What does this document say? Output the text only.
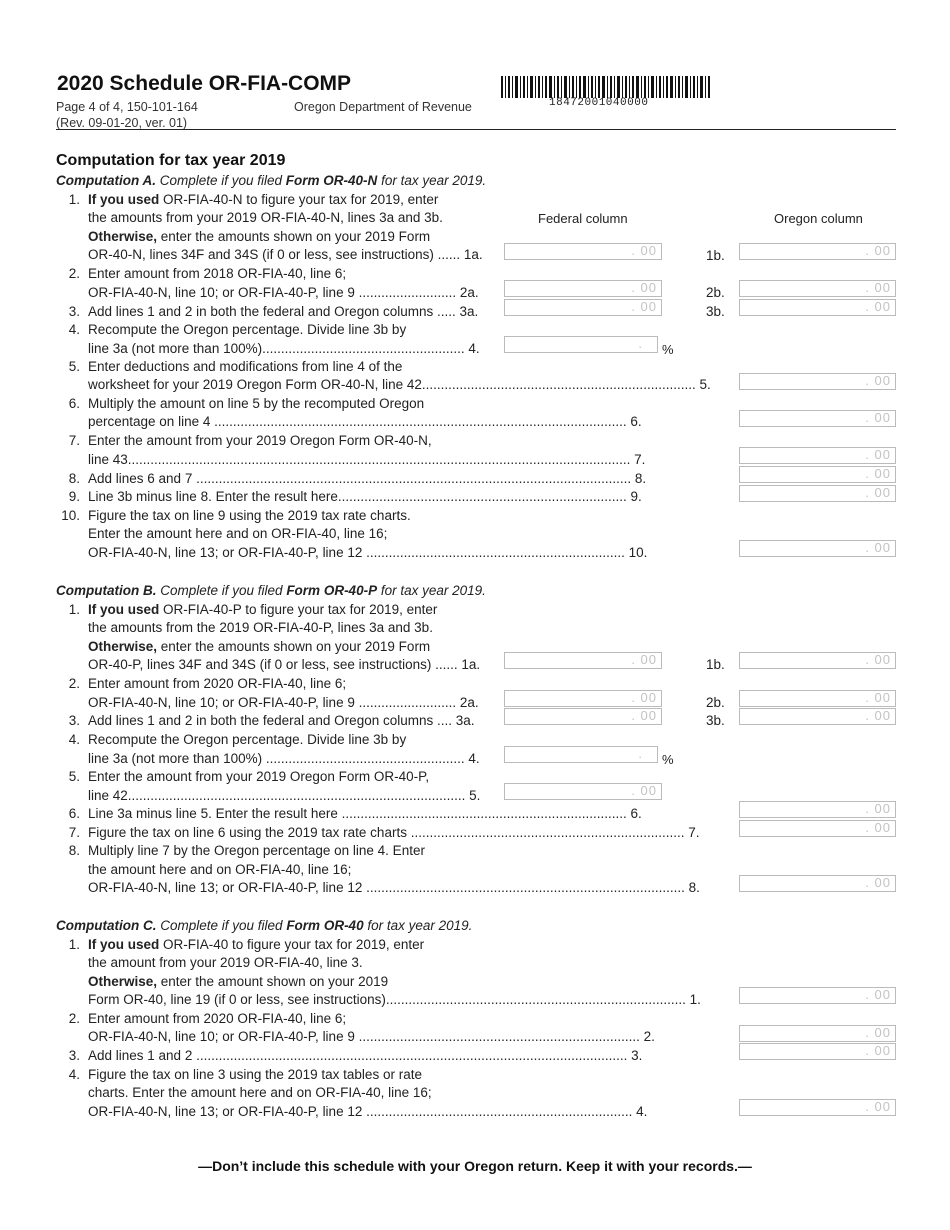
2020 Schedule OR-FIA-COMP
Page 4 of 4, 150-101-164
(Rev. 09-01-20, ver. 01)
Oregon Department of Revenue	18472001040000
Computation for tax year 2019
Computation A. Complete if you filed Form OR-40-N for tax year 2019.
1. If you used OR-FIA-40-N to figure your tax for 2019, enter
the amounts from your 2019 OR-FIA-40-N, lines 3a and 3b.	Federal column	Oregon column
Otherwise, enter the amounts shown on your 2019 Form
OR-40-N, lines 34F and 34S (if 0 or less, see instructions) ...... 1a.	. 00	1b.	. 00
2. Enter amount from 2018 OR-FIA-40, line 6;
OR-FIA-40-N, line 10; or OR-FIA-40-P, line 9 .......................... 2a.	. 00	2b.	. 00
3. Add lines 1 and 2 in both the federal and Oregon columns ..... 3a.	. 00	3b.	. 00
4. Recompute the Oregon percentage. Divide line 3b by
line 3a (not more than 100%)...................................................... 4.	. %
5. Enter deductions and modifications from line 4 of the
worksheet for your 2019 Oregon Form OR-40-N, line 42......................................................................... 5.	. 00
6. Multiply the amount on line 5 by the recomputed Oregon
percentage on line 4 .............................................................................................................. 6.	. 00
7. Enter the amount from your 2019 Oregon Form OR-40-N,
line 43...................................................................................................................................... 7.	. 00
8. Add lines 6 and 7 .................................................................................................................... 8.	. 00
9. Line 3b minus line 8. Enter the result here............................................................................. 9.	. 00
10. Figure the tax on line 9 using the 2019 tax rate charts.
Enter the amount here and on OR-FIA-40, line 16;
OR-FIA-40-N, line 13; or OR-FIA-40-P, line 12 ..................................................................... 10.	. 00
Computation B. Complete if you filed Form OR-40-P for tax year 2019.
1. If you used OR-FIA-40-P to figure your tax for 2019, enter
the amounts from the 2019 OR-FIA-40-P, lines 3a and 3b.
Otherwise, enter the amounts shown on your 2019 Form
OR-40-P, lines 34F and 34S (if 0 or less, see instructions) ...... 1a.	. 00	1b.	. 00
2. Enter amount from 2020 OR-FIA-40, line 6;
OR-FIA-40-N, line 10; or OR-FIA-40-P, line 9 .......................... 2a.	. 00	2b.	. 00
3. Add lines 1 and 2 in both the federal and Oregon columns .... 3a.	. 00	3b.	. 00
4. Recompute the Oregon percentage. Divide line 3b by
line 3a (not more than 100%) ..................................................... 4.	. %
5. Enter the amount from your 2019 Oregon Form OR-40-P,
line 42.......................................................................................... 5.	. 00
6. Line 3a minus line 5. Enter the result here ............................................................................ 6.	. 00
7. Figure the tax on line 6 using the 2019 tax rate charts ......................................................................... 7.	. 00
8. Multiply line 7 by the Oregon percentage on line 4. Enter
the amount here and on OR-FIA-40, line 16;
OR-FIA-40-N, line 13; or OR-FIA-40-P, line 12 ..................................................................................... 8.	. 00
Computation C. Complete if you filed Form OR-40 for tax year 2019.
1. If you used OR-FIA-40 to figure your tax for 2019, enter
the amount from your 2019 OR-FIA-40, line 3.
Otherwise, enter the amount shown on your 2019
Form OR-40, line 19 (if 0 or less, see instructions)................................................................................ 1.	. 00
2. Enter amount from 2020 OR-FIA-40, line 6;
OR-FIA-40-N, line 10; or OR-FIA-40-P, line 9 ........................................................................... 2.	. 00
3. Add lines 1 and 2 ................................................................................................................... 3.	. 00
4. Figure the tax on line 3 using the 2019 tax tables or rate
charts. Enter the amount here and on OR-FIA-40, line 16;
OR-FIA-40-N, line 13; or OR-FIA-40-P, line 12 ....................................................................... 4.	. 00
—Don’t include this schedule with your Oregon return. Keep it with your records.—
